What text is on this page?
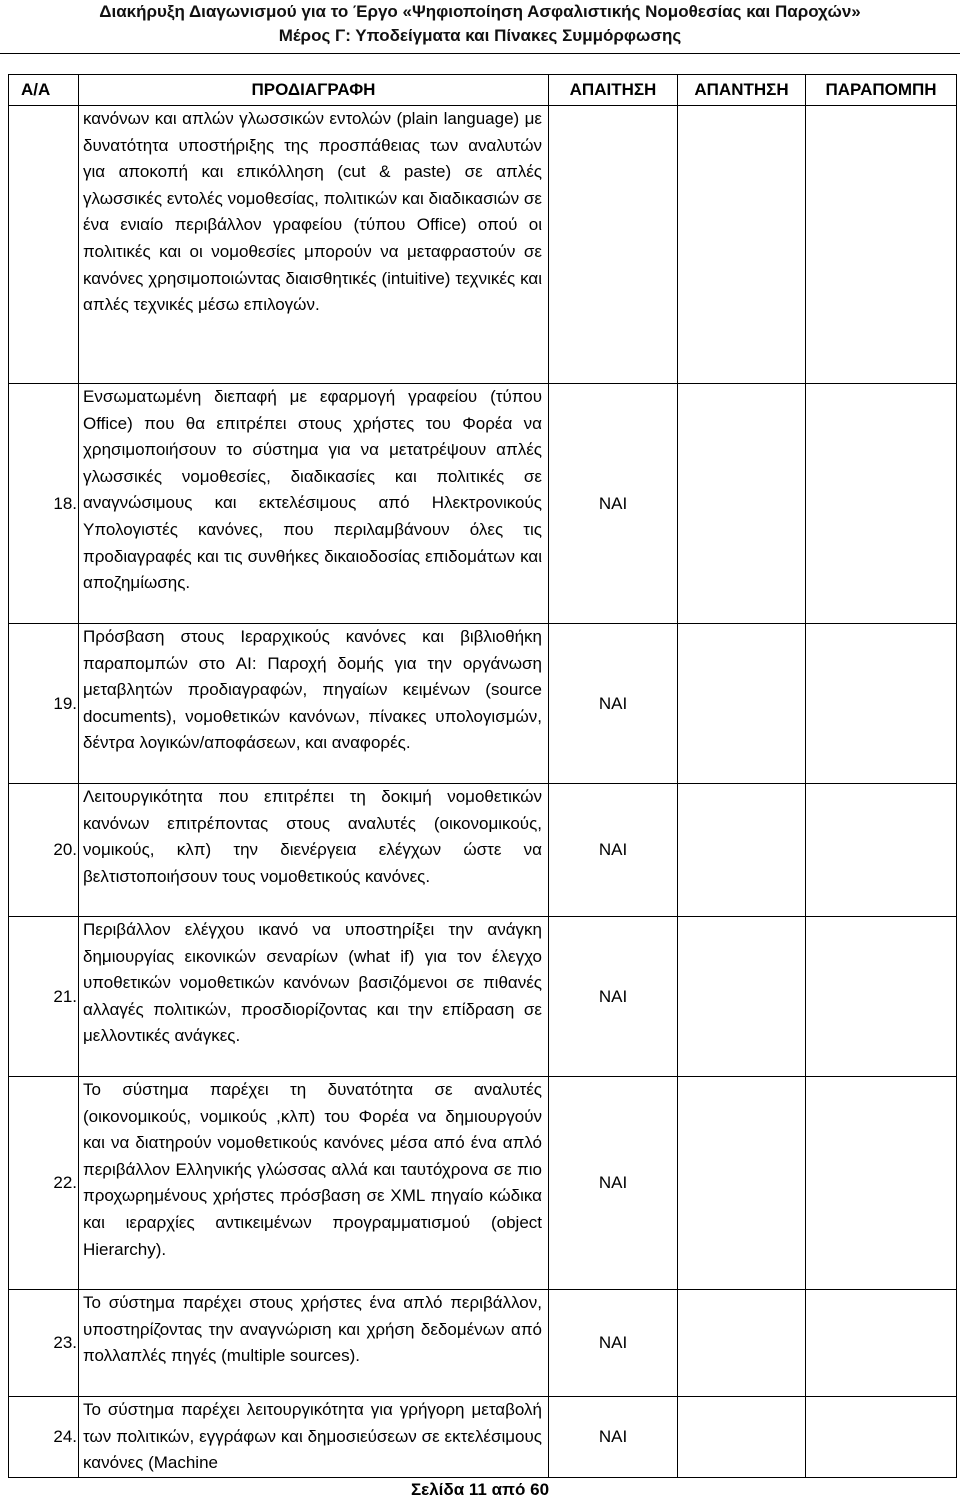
Διακήρυξη Διαγωνισμού για το Έργο «Ψηφιοποίηση Ασφαλιστικής Νομοθεσίας και Παροχών»
Μέρος Γ: Υποδείγματα και Πίνακες Συμμόρφωσης
Α/Α	ΠΡΟΔΙΑΓΡΑΦΗ	ΑΠΑΙΤΗΣΗ	ΑΠΑΝΤΗΣΗ	ΠΑΡΑΠΟΜΠΗ
	κανόνων και απλών γλωσσικών εντολών (plain language) με δυνατότητα υποστήριξης της προσπάθειας των αναλυτών για αποκοπή και επικόλληση (cut & paste) σε απλές γλωσσικές εντολές νομοθεσίας, πολιτικών και διαδικασιών σε ένα ενιαίο περιβάλλον γραφείου (τύπου Office) οπού οι πολιτικές και οι νομοθεσίες μπορούν να μεταφραστούν σε κανόνες χρησιμοποιώντας διαισθητικές (intuitive) τεχνικές και απλές τεχνικές μέσω επιλογών.			
18.	Ενσωματωμένη διεπαφή με εφαρμογή γραφείου (τύπου Office) που θα επιτρέπει στους χρήστες του Φορέα να χρησιμοποιήσουν το σύστημα για να μετατρέψουν απλές γλωσσικές νομοθεσίες, διαδικασίες και πολιτικές σε αναγνώσιμους και εκτελέσιμους από Ηλεκτρονικούς Υπολογιστές κανόνες, που περιλαμβάνουν όλες τις προδιαγραφές και τις συνθήκες δικαιοδοσίας επιδομάτων και αποζημίωσης.	ΝΑΙ		
19.	Πρόσβαση στους Ιεραρχικούς κανόνες και βιβλιοθήκη παραπομπών στο AI: Παροχή δομής για την οργάνωση μεταβλητών προδιαγραφών, πηγαίων κειμένων (source documents), νομοθετικών κανόνων, πίνακες υπολογισμών, δέντρα λογικών/αποφάσεων, και αναφορές.	ΝΑΙ		
20.	Λειτουργικότητα που επιτρέπει τη δοκιμή νομοθετικών κανόνων επιτρέποντας στους αναλυτές (οικονομικούς, νομικούς, κλπ) την διενέργεια ελέγχων ώστε να βελτιστοποιήσουν τους νομοθετικούς κανόνες.	ΝΑΙ		
21.	Περιβάλλον ελέγχου ικανό να υποστηρίξει την ανάγκη δημιουργίας εικονικών σεναρίων (what if) για τον έλεγχο υποθετικών νομοθετικών κανόνων βασιζόμενοι σε πιθανές αλλαγές πολιτικών, προσδιορίζοντας και την επίδραση σε μελλοντικές ανάγκες.	ΝΑΙ		
22.	Το σύστημα παρέχει τη δυνατότητα σε αναλυτές (οικονομικούς, νομικούς ,κλπ) του Φορέα να δημιουργούν και να διατηρούν νομοθετικούς κανόνες μέσα από ένα απλό περιβάλλον Ελληνικής γλώσσας αλλά και ταυτόχρονα σε πιο προχωρημένους χρήστες πρόσβαση σε XML πηγαίο κώδικα και ιεραρχίες αντικειμένων προγραμματισμού (object Hierarchy).	ΝΑΙ		
23.	Το σύστημα παρέχει στους χρήστες ένα απλό περιβάλλον, υποστηρίζοντας την αναγνώριση και χρήση δεδομένων από πολλαπλές πηγές (multiple sources).	ΝΑΙ		
24.	Το σύστημα παρέχει λειτουργικότητα για γρήγορη μεταβολή των πολιτικών, εγγράφων και δημοσιεύσεων σε εκτελέσιμους κανόνες (Machine	ΝΑΙ		
Σελίδα 11 από 60
